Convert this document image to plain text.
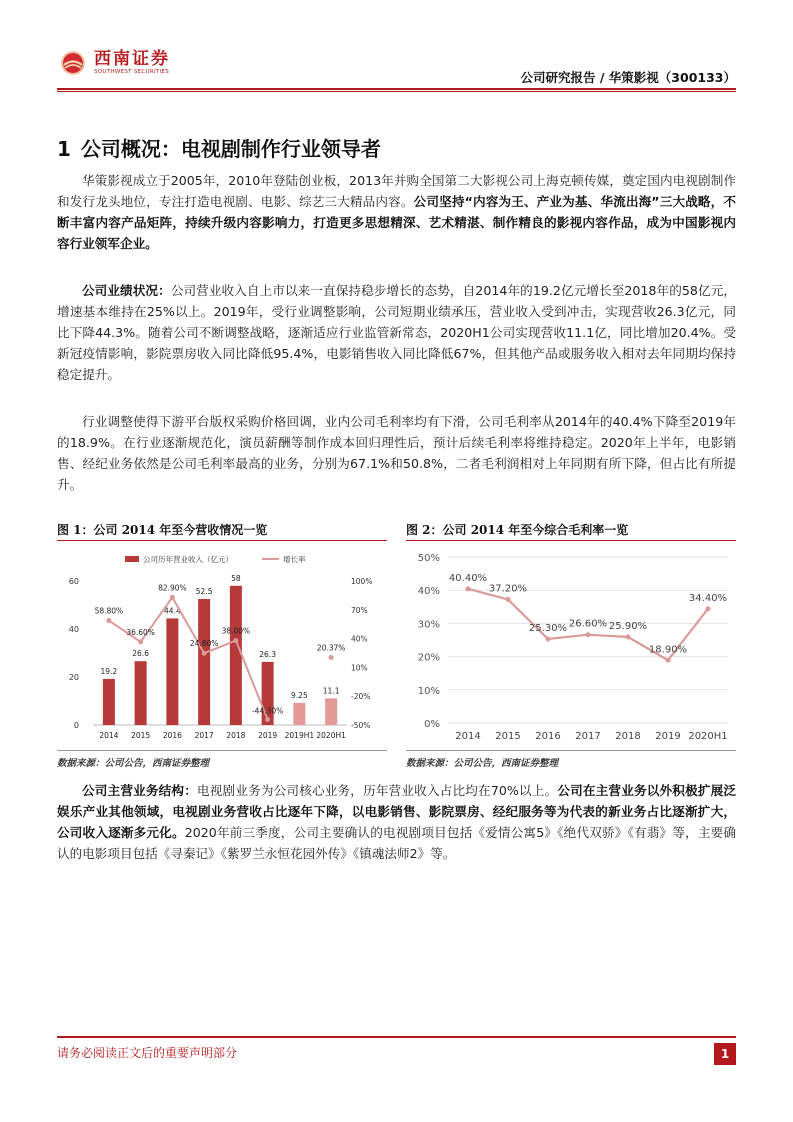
西南证券
SOUTHWEST SECURITIES	公司研究报告 / 华策影视（300133）
1 公司概况：电视剧制作行业领导者
华策影视成立于2005年，2010年登陆创业板，2013年并购全国第二大影视公司上海克顿传媒，奠定国内电视剧制作和发行龙头地位，专注打造电视剧、电影、综艺三大精品内容。公司坚持“内容为王、产业为基、华流出海”三大战略，不断丰富内容产品矩阵，持续升级内容影响力，打造更多思想精深、艺术精湛、制作精良的影视内容作品，成为中国影视内容行业领军企业。
公司业绩状况：公司营业收入自上市以来一直保持稳步增长的态势，自2014年的19.2亿元增长至2018年的58亿元，增速基本维持在25%以上。2019年，受行业调整影响，公司短期业绩承压，营业收入受到冲击，实现营收26.3亿元，同比下降44.3%。随着公司不断调整战略，逐渐适应行业监管新常态，2020H1公司实现营收11.1亿，同比增加20.4%。受新冠疫情影响，影院票房收入同比降低95.4%，电影销售收入同比降低67%，但其他产品或服务收入相对去年同期均保持稳定提升。
行业调整使得下游平台版权采购价格回调，业内公司毛利率均有下滑，公司毛利率从2014年的40.4%下降至2019年的18.9%。在行业逐渐规范化，演员薪酬等制作成本回归理性后，预计后续毛利率将维持稳定。2020年上半年，电影销售、经纪业务依然是公司毛利率最高的业务，分别为67.1%和50.8%，二者毛利润相对上年同期有所下降，但占比有所提升。
图 1：公司 2014 年至今营收情况一览
公司历年营业收入（亿元）	增长率
0
20
40
60
-50%
-20%
10%
40%
70%
100%
19.2
2014
26.6
2015
44.4
2016
52.5
2017
58
2018
26.3
2019
9.25
2019H1
11.1
2020H1
58.80%
36.60%
82.90%
24.80%
38.00%
-44.30%
20.37%
数据来源：公司公告，西南证券整理
图 2：公司 2014 年至今综合毛利率一览
0%
10%
20%
30%
40%
50%
40.40%
2014
37.20%
2015
25.30%
2016
26.60%
2017
25.90%
2018
18.90%
2019
34.40%
2020H1
数据来源：公司公告，西南证券整理
公司主营业务结构：电视剧业务为公司核心业务，历年营业收入占比均在70%以上。公司在主营业务以外积极扩展泛娱乐产业其他领域，电视剧业务营收占比逐年下降，以电影销售、影院票房、经纪服务等为代表的新业务占比逐渐扩大，公司收入逐渐多元化。2020年前三季度，公司主要确认的电视剧项目包括《爱情公寓5》《绝代双骄》《有翡》等，主要确认的电影项目包括《寻秦记》《紫罗兰永恒花园外传》《镇魂法师2》等。
请务必阅读正文后的重要声明部分	1
